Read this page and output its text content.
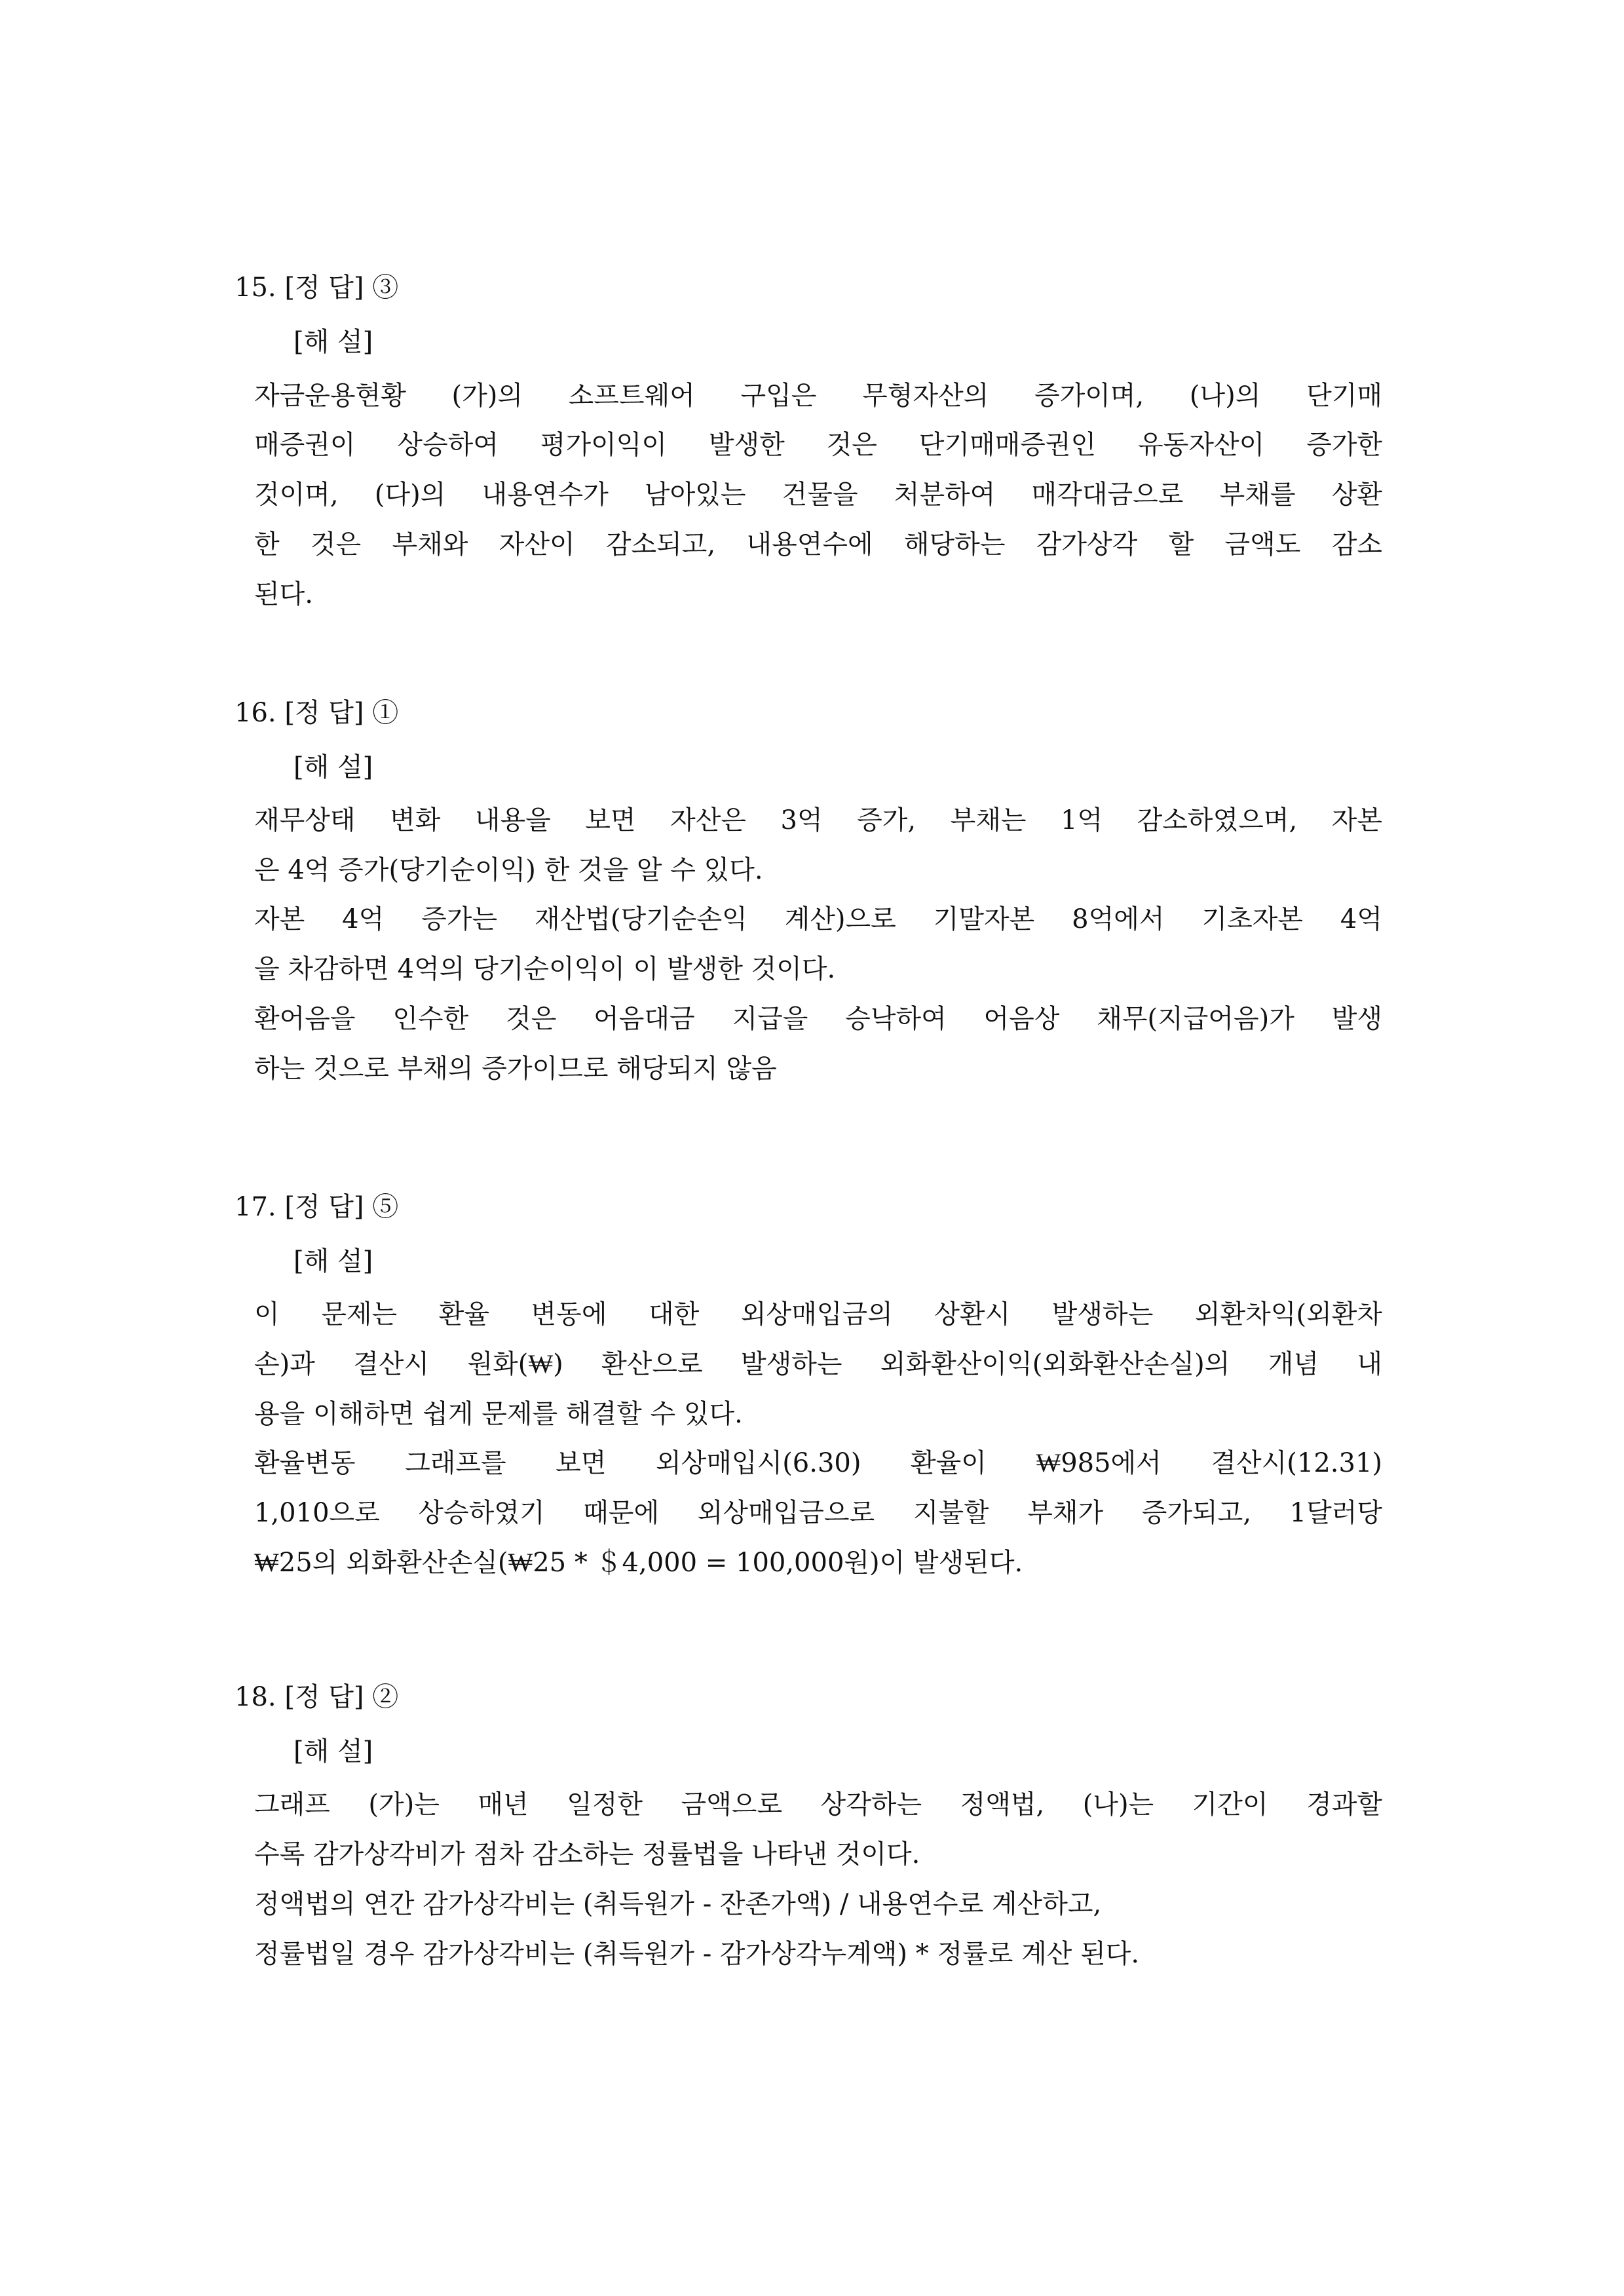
15. [정 답] ③
[해 설]
자금운용현황 (가)의 소프트웨어 구입은 무형자산의 증가이며, (나)의 단기매
매증권이 상승하여 평가이익이 발생한 것은 단기매매증권인 유동자산이 증가한
것이며, (다)의 내용연수가 남아있는 건물을 처분하여 매각대금으로 부채를 상환
한 것은 부채와 자산이 감소되고, 내용연수에 해당하는 감가상각 할 금액도 감소
된다.
16. [정 답] ①
[해 설]
재무상태 변화 내용을 보면 자산은 3억 증가, 부채는 1억 감소하였으며, 자본
은 4억 증가(당기순이익) 한 것을 알 수 있다.
자본 4억 증가는 재산법(당기순손익 계산)으로 기말자본 8억에서 기초자본 4억
을 차감하면 4억의 당기순이익이 이 발생한 것이다.
환어음을 인수한 것은 어음대금 지급을 승낙하여 어음상 채무(지급어음)가 발생
하는 것으로 부채의 증가이므로 해당되지 않음
17. [정 답] ⑤
[해 설]
이 문제는 환율 변동에 대한 외상매입금의 상환시 발생하는 외환차익(외환차
손)과 결산시 원화(₩) 환산으로 발생하는 외화환산이익(외화환산손실)의 개념 내
용을 이해하면 쉽게 문제를 해결할 수 있다.
환율변동 그래프를 보면 외상매입시(6.30) 환율이 ₩985에서 결산시(12.31)
1,010으로 상승하였기 때문에 외상매입금으로 지불할 부채가 증가되고, 1달러당
₩25의 외화환산손실(₩25 * ＄4,000 = 100,000원)이 발생된다.
18. [정 답] ②
[해 설]
그래프 (가)는 매년 일정한 금액으로 상각하는 정액법, (나)는 기간이 경과할
수록 감가상각비가 점차 감소하는 정률법을 나타낸 것이다.
정액법의 연간 감가상각비는 (취득원가 - 잔존가액) / 내용연수로 계산하고,
정률법일 경우 감가상각비는 (취득원가 - 감가상각누계액) * 정률로 계산 된다.
